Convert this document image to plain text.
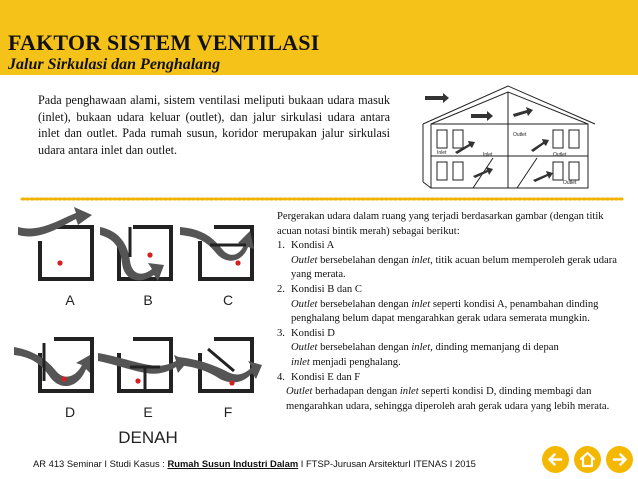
FAKTOR SISTEM VENTILASI
Jalur Sirkulasi dan Penghalang
Pada penghawaan alami, sistem ventilasi meliputi bukaan udara masuk (inlet), bukaan udara keluar (outlet), dan jalur sirkulasi udara antara inlet dan outlet. Pada rumah susun, koridor merupakan jalur sirkulasi udara antara inlet dan outlet.
Outlet
Inlet	Outlet
Inlet
Outlet
A	B	C
D	E	F
DENAH
Pergerakan udara dalam ruang yang terjadi berdasarkan gambar (dengan titik acuan notasi bintik merah) sebagai berikut:
1. Kondisi A
Outlet bersebelahan dengan inlet, titik acuan belum memperoleh gerak udara yang merata.
2. Kondisi B dan C
Outlet bersebelahan dengan inlet seperti kondisi A, penambahan dinding penghalang belum dapat mengarahkan gerak udara semerata mungkin.
3. Kondisi D
Outlet bersebelahan dengan inlet, dinding memanjang di depan
inlet menjadi penghalang.
4. Kondisi E dan F
Outlet berhadapan dengan inlet seperti kondisi D, dinding membagi dan mengarahkan udara, sehingga diperoleh arah gerak udara yang lebih merata.
AR 413 Seminar I Studi Kasus : Rumah Susun Industri Dalam I FTSP-Jurusan ArsitekturI ITENAS I 2015
